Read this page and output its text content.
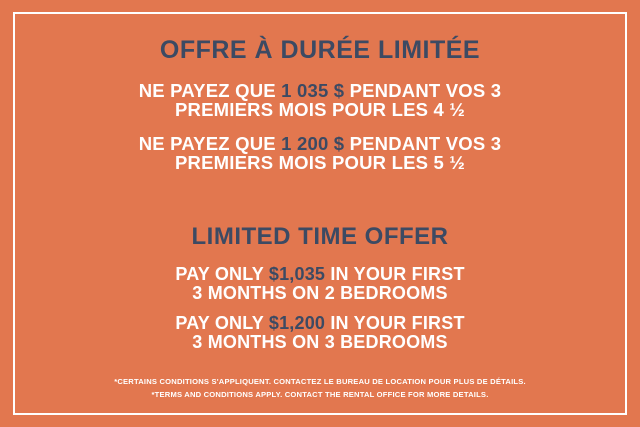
OFFRE À DURÉE LIMITÉE

NE PAYEZ QUE 1 035 $ PENDANT VOS 3
PREMIERS MOIS POUR LES 4 ½

NE PAYEZ QUE 1 200 $ PENDANT VOS 3
PREMIERS MOIS POUR LES 5 ½

LIMITED TIME OFFER

PAY ONLY $1,035 IN YOUR FIRST
3 MONTHS ON 2 BEDROOMS

PAY ONLY $1,200 IN YOUR FIRST
3 MONTHS ON 3 BEDROOMS

*CERTAINS CONDITIONS S'APPLIQUENT. CONTACTEZ LE BUREAU DE LOCATION POUR PLUS DE DÉTAILS.

*TERMS AND CONDITIONS APPLY. CONTACT THE RENTAL OFFICE FOR MORE DETAILS.
